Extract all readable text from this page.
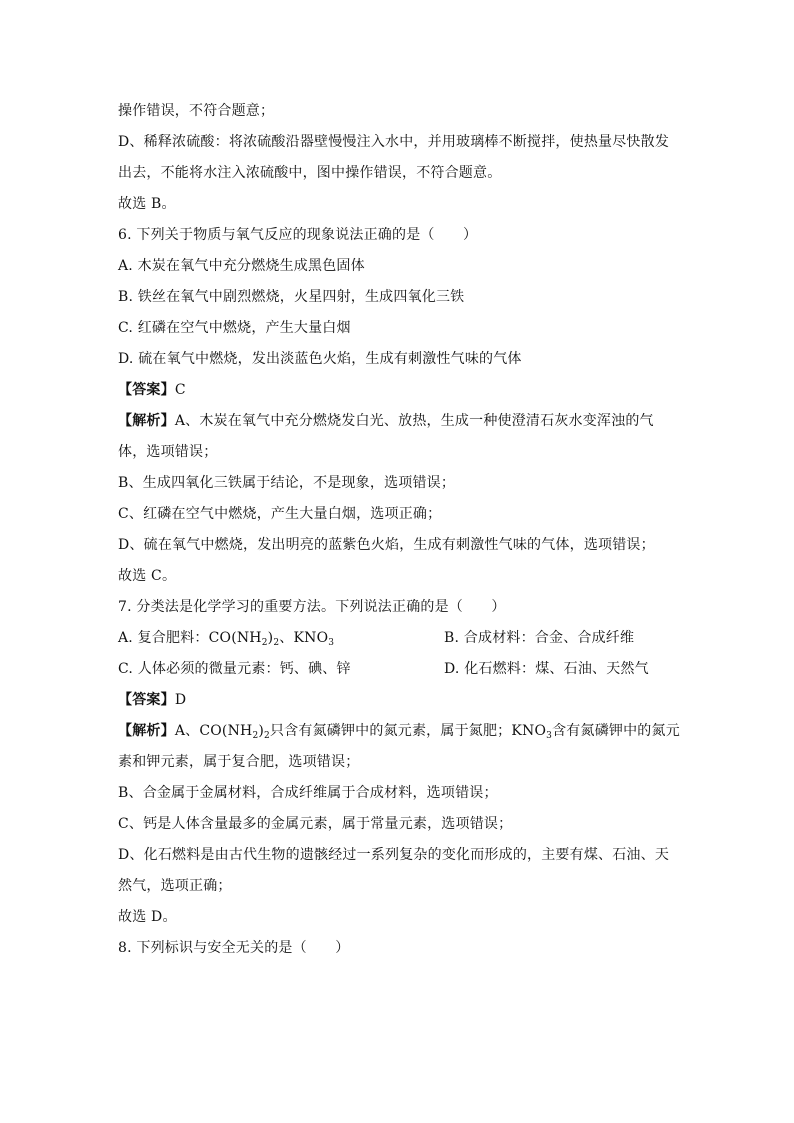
操作错误，不符合题意；
D、稀释浓硫酸：将浓硫酸沿器壁慢慢注入水中，并用玻璃棒不断搅拌，使热量尽快散发
出去，不能将水注入浓硫酸中，图中操作错误，不符合题意。
故选 B。
6. 下列关于物质与氧气反应的现象说法正确的是（　　）
A. 木炭在氧气中充分燃烧生成黑色固体
B. 铁丝在氧气中剧烈燃烧，火星四射，生成四氧化三铁
C. 红磷在空气中燃烧，产生大量白烟
D. 硫在氧气中燃烧，发出淡蓝色火焰，生成有刺激性气味的气体
【答案】C
【解析】A、木炭在氧气中充分燃烧发白光、放热，生成一种使澄清石灰水变浑浊的气
体，选项错误；
B、生成四氧化三铁属于结论，不是现象，选项错误；
C、红磷在空气中燃烧，产生大量白烟，选项正确；
D、硫在氧气中燃烧，发出明亮的蓝紫色火焰，生成有刺激性气味的气体，选项错误；
故选 C。
7. 分类法是化学学习的重要方法。下列说法正确的是（　　）
A. 复合肥料：$CO(NH_2)_2$、$KNO_3$	B. 合成材料：合金、合成纤维
C. 人体必须的微量元素：钙、碘、锌	D. 化石燃料：煤、石油、天然气
【答案】D
【解析】A、$CO(NH_2)_2$只含有氮磷钾中的氮元素，属于氮肥；$KNO_3$含有氮磷钾中的氮元
素和钾元素，属于复合肥，选项错误；
B、合金属于金属材料，合成纤维属于合成材料，选项错误；
C、钙是人体含量最多的金属元素，属于常量元素，选项错误；
D、化石燃料是由古代生物的遗骸经过一系列复杂的变化而形成的，主要有煤、石油、天
然气，选项正确；
故选 D。
8. 下列标识与安全无关的是（　　）
